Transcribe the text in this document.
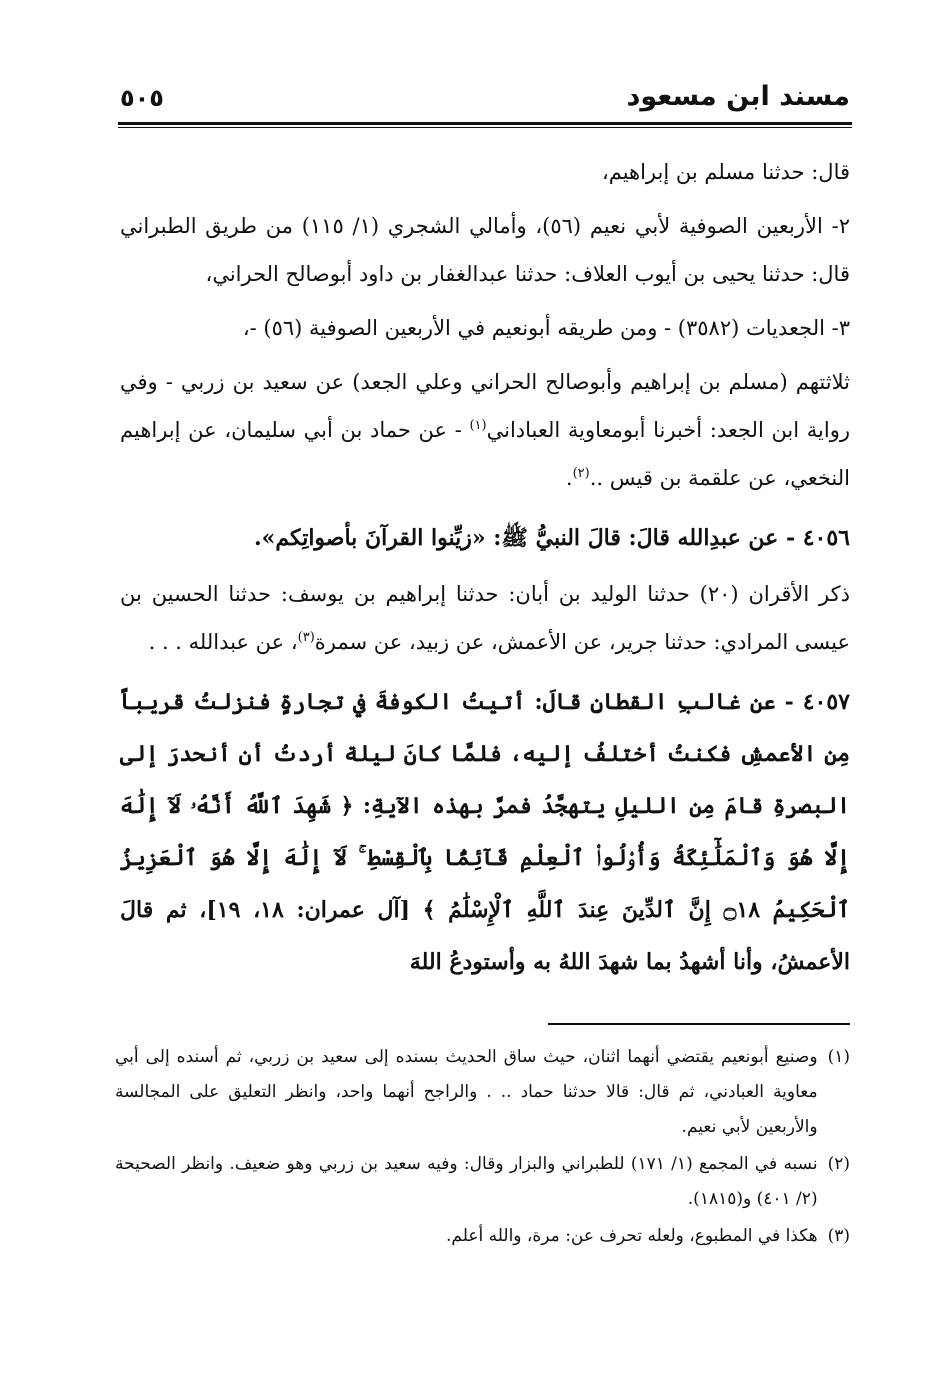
مسند ابن مسعود
٥٠٥

قال: حدثنا مسلم بن إبراهيم،

٢- الأربعين الصوفية لأبي نعيم (٥٦)، وأمالي الشجري (١/ ١١٥) من طريق الطبراني قال: حدثنا يحيى بن أيوب العلاف: حدثنا عبدالغفار بن داود أبوصالح الحراني،

٣- الجعديات (٣٥٨٢) - ومن طريقه أبونعيم في الأربعين الصوفية (٥٦) -،

ثلاثتهم (مسلم بن إبراهيم وأبوصالح الحراني وعلي الجعد) عن سعيد بن زربي - وفي رواية ابن الجعد: أخبرنا أبومعاوية العباداني$^{(١)}$ - عن حماد بن أبي سليمان، عن إبراهيم النخعي، عن علقمة بن قيس ..$^{(٢)}$.

٤٠٥٦ - عن عبدِالله قالَ: قالَ النبيُّ ﷺ: «زيِّنوا القرآنَ بأصواتِكم».

ذكر الأقران (٢٠) حدثنا الوليد بن أبان: حدثنا إبراهيم بن يوسف: حدثنا الحسين بن عيسى المرادي: حدثنا جرير، عن الأعمش، عن زبيد، عن سمرة$^{(٣)}$، عن عبدالله . . .

٤٠٥٧ - عن غالبِ القطانِ قالَ: أتيتُ الكوفةَ في تجارةٍ فنزلتُ قريباً مِن الأعمشِ فكنتُ أختلفُ إليه، فلمَّا كانَ ليلة أردتُ أن أنحدرَ إلى البصرةِ قامَ مِن الليلِ يتهجَّدُ فمرَّ بهذه الآيةِ: ﴿ شَهِدَ ٱللَّهُ أَنَّهُۥ لَآ إِلَٰهَ إِلَّا هُوَ وَٱلْمَلَٰٓئِكَةُ وَأُو۟لُوا۟ ٱلْعِلْمِ قَآئِمًۢا بِٱلْقِسْطِ ۚ لَآ إِلَٰهَ إِلَّا هُوَ ٱلْعَزِيزُ ٱلْحَكِيمُ ۝١٨ إِنَّ ٱلدِّينَ عِندَ ٱللَّهِ ٱلْإِسْلَٰمُ ﴾ [آل عمران: ١٨، ١٩]، ثم قالَ الأعمشُ، وأنا أشهدُ بما شهدَ اللهُ به وأستودعُ اللهَ

(١)
وصنيع أبونعيم يقتضي أنهما اثنان، حيث ساق الحديث بسنده إلى سعيد بن زربي، ثم أسنده إلى أبي معاوية العبادني، ثم قال: قالا حدثنا حماد .. . والراجح أنهما واحد، وانظر التعليق على المجالسة والأربعين لأبي نعيم.
(٢)
نسبه في المجمع (١/ ١٧١) للطبراني والبزار وقال: وفيه سعيد بن زربي وهو ضعيف. وانظر الصحيحة (٢/ ٤٠١) و(١٨١٥).
(٣)
هكذا في المطبوع، ولعله تحرف عن: مرة، والله أعلم.
